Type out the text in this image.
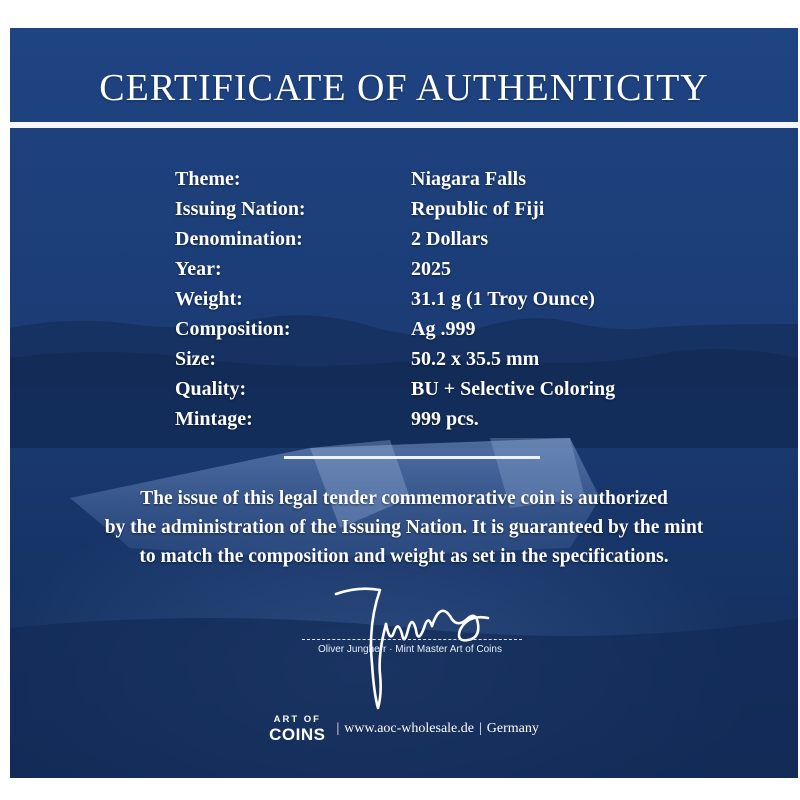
CERTIFICATE OF AUTHENTICITY
Theme:	Niagara Falls
Issuing Nation:	Republic of Fiji
Denomination:	2 Dollars
Year:	2025
Weight:	31.1 g (1 Troy Ounce)
Composition:	Ag .999
Size:	50.2 x 35.5 mm
Quality:	BU + Selective Coloring
Mintage:	999 pcs.
The issue of this legal tender commemorative coin is authorized
by the administration of the Issuing Nation. It is guaranteed by the mint
to match the composition and weight as set in the specifications.
Oliver Jungherr · Mint Master Art of Coins
ART OF
COINS | www.aoc-wholesale.de | Germany
